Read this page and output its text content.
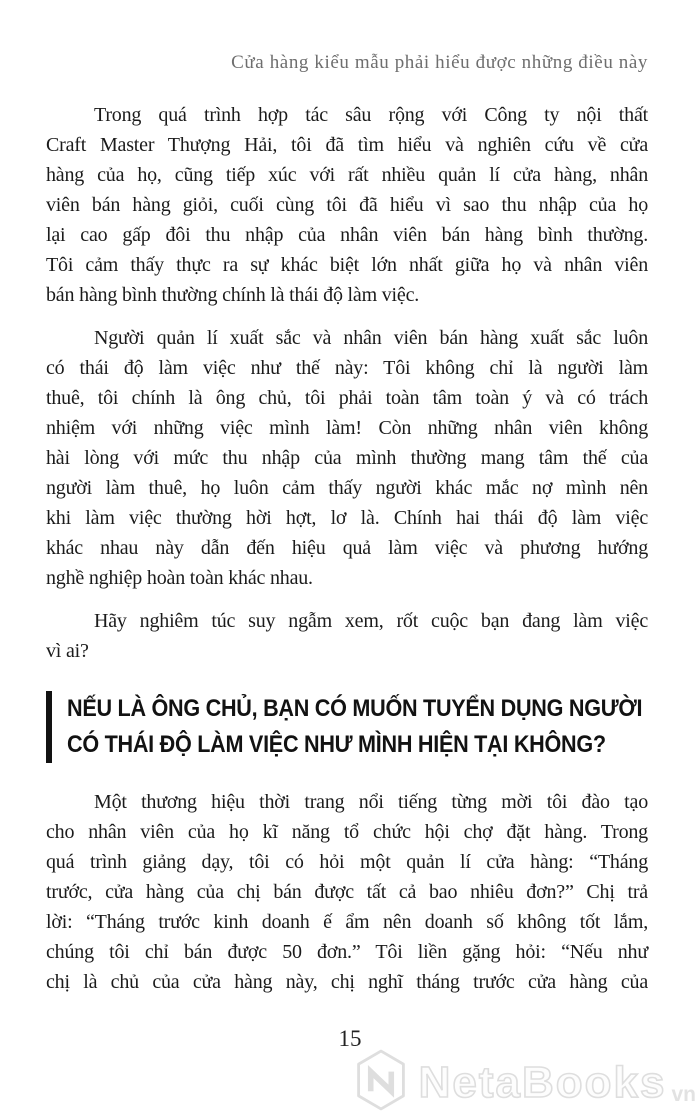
Cửa hàng kiểu mẫu phải hiểu được những điều này
Trong quá trình hợp tác sâu rộng với Công ty nội thất
Craft Master Thượng Hải, tôi đã tìm hiểu và nghiên cứu về cửa
hàng của họ, cũng tiếp xúc với rất nhiều quản lí cửa hàng, nhân
viên bán hàng giỏi, cuối cùng tôi đã hiểu vì sao thu nhập của họ
lại cao gấp đôi thu nhập của nhân viên bán hàng bình thường.
Tôi cảm thấy thực ra sự khác biệt lớn nhất giữa họ và nhân viên
bán hàng bình thường chính là thái độ làm việc.
Người quản lí xuất sắc và nhân viên bán hàng xuất sắc luôn
có thái độ làm việc như thế này: Tôi không chỉ là người làm
thuê, tôi chính là ông chủ, tôi phải toàn tâm toàn ý và có trách
nhiệm với những việc mình làm! Còn những nhân viên không
hài lòng với mức thu nhập của mình thường mang tâm thế của
người làm thuê, họ luôn cảm thấy người khác mắc nợ mình nên
khi làm việc thường hời hợt, lơ là. Chính hai thái độ làm việc
khác nhau này dẫn đến hiệu quả làm việc và phương hướng
nghề nghiệp hoàn toàn khác nhau.
Hãy nghiêm túc suy ngẫm xem, rốt cuộc bạn đang làm việc
vì ai?
NẾU LÀ ÔNG CHỦ, BẠN CÓ MUỐN TUYỂN DỤNG NGƯỜI
CÓ THÁI ĐỘ LÀM VIỆC NHƯ MÌNH HIỆN TẠI KHÔNG?
Một thương hiệu thời trang nổi tiếng từng mời tôi đào tạo
cho nhân viên của họ kĩ năng tổ chức hội chợ đặt hàng. Trong
quá trình giảng dạy, tôi có hỏi một quản lí cửa hàng: “Tháng
trước, cửa hàng của chị bán được tất cả bao nhiêu đơn?” Chị trả
lời: “Tháng trước kinh doanh ế ẩm nên doanh số không tốt lắm,
chúng tôi chỉ bán được 50 đơn.” Tôi liền gặng hỏi: “Nếu như
chị là chủ của cửa hàng này, chị nghĩ tháng trước cửa hàng của
15
NetaBooks vn
